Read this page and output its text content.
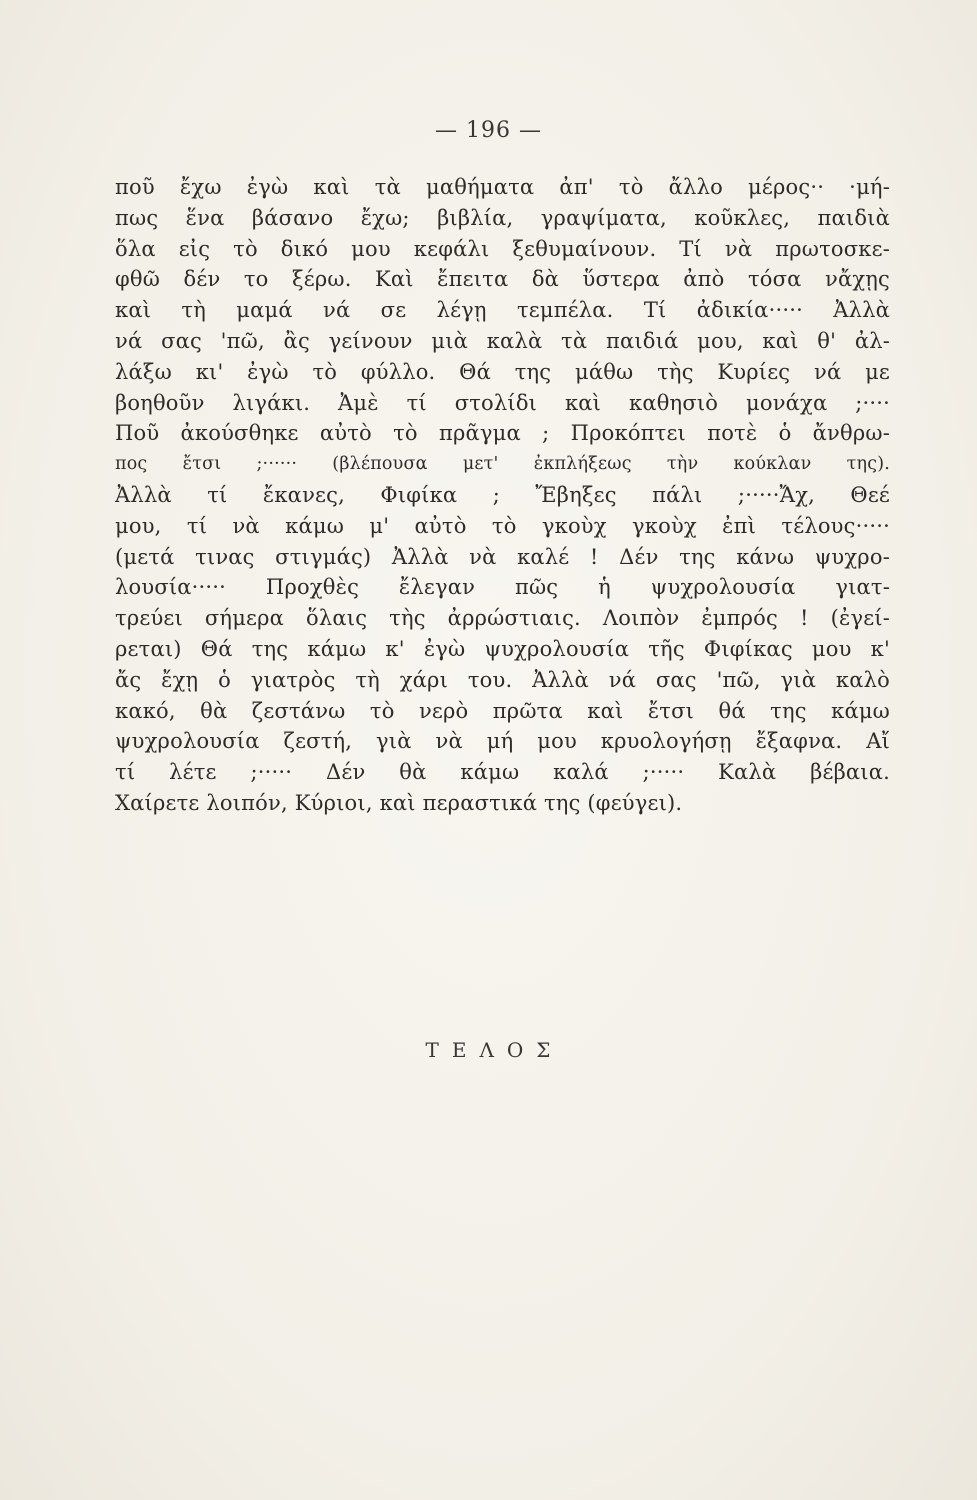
— 196 —
ποῦ ἔχω ἐγὼ καὶ τὰ μαθήματα ἀπ' τὸ ἄλλο μέρος·· ·μή-
πως ἕνα βάσανο ἔχω; βιβλία, γραψίματα, κοῦκλες, παιδιὰ
ὅλα εἰς τὸ δικό μου κεφάλι ξεθυμαίνουν. Τί νὰ πρωτοσκε-
φθῶ δέν το ξέρω. Καὶ ἔπειτα δὰ ὕστερα ἀπὸ τόσα νἄχῃς
καὶ τὴ μαμά νά σε λέγῃ τεμπέλα. Τί ἀδικία····· Ἀλλὰ
νά σας 'πῶ, ἂς γείνουν μιὰ καλὰ τὰ παιδιά μου, καὶ θ' ἀλ-
λάξω κι' ἐγὼ τὸ φύλλο. Θά της μάθω τὴς Κυρίες νά με
βοηθοῦν λιγάκι. Ἀμὲ τί στολίδι καὶ καθησιὸ μονάχα ;····
Ποῦ ἀκούσθηκε αὐτὸ τὸ πρᾶγμα ; Προκόπτει ποτὲ ὁ ἄνθρω-
πος ἔτσι ;······ (βλέπουσα μετ' ἐκπλήξεως τὴν κούκλαν της).
Ἀλλὰ τί ἔκανες, Φιφίκα ; Ἔβηξες πάλι ;·····Ἄχ, Θεέ
μου, τί νὰ κάμω μ' αὐτὸ τὸ γκοὺχ γκοὺχ ἐπὶ τέλους·····
(μετά τινας στιγμάς) Ἀλλὰ νὰ καλέ ! Δέν της κάνω ψυχρο-
λουσία····· Προχθὲς ἔλεγαν πῶς ἡ ψυχρολουσία γιατ-
τρεύει σήμερα ὅλαις τὴς ἀρρώστιαις. Λοιπὸν ἐμπρός ! (ἐγεί-
ρεται) Θά της κάμω κ' ἐγὼ ψυχρολουσία τῆς Φιφίκας μου κ'
ἄς ἔχῃ ὁ γιατρὸς τὴ χάρι του. Ἀλλὰ νά σας 'πῶ, γιὰ καλὸ
κακό, θὰ ζεστάνω τὸ νερὸ πρῶτα καὶ ἔτσι θά της κάμω
ψυχρολουσία ζεστή, γιὰ νὰ μή μου κρυολογήσῃ ἔξαφνα. Αἴ
τί λέτε ;····· Δέν θὰ κάμω καλά ;····· Καλὰ βέβαια.
Χαίρετε λοιπόν, Κύριοι, καὶ περαστικά της (φεύγει).
ΤΕΛΟΣ
